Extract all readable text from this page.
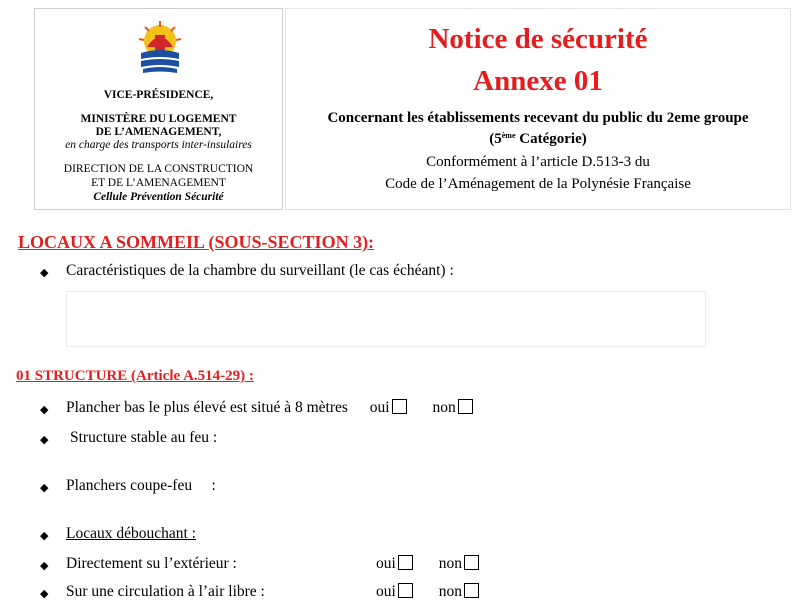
VICE-PRÉSIDENCE,
MINISTÈRE DU LOGEMENT
DE L’AMENAGEMENT,
en charge des transports inter-insulaires
DIRECTION DE LA CONSTRUCTION
ET DE L’AMENAGEMENT
Cellule Prévention Sécurité
Notice de sécurité
Annexe 01
Concernant les établissements recevant du public du 2eme groupe
(5ème Catégorie)
Conformément à l’article D.513-3 du
Code de l’Aménagement de la Polynésie Française
LOCAUX A SOMMEIL (SOUS-SECTION 3):
◆ Caractéristiques de la chambre du surveillant (le cas échéant) :
01 STRUCTURE (Article A.514-29) :
◆ Plancher bas le plus élevé est situé à 8 mètres oui	non
◆ Structure stable au feu :
◆ Planchers coupe-feu     :
◆ Locaux débouchant :
◆ Directement su l’extérieur :	oui	non
◆ Sur une circulation à l’air libre :	oui	non
